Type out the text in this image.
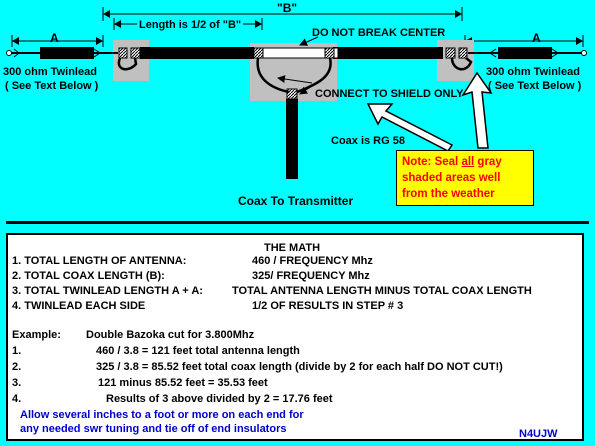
A	A
"B"
Length is 1/2 of "B"
DO NOT BREAK CENTER
300 ohm Twinlead
( See Text Below )
300 ohm Twinlead
( See Text Below )
CONNECT TO SHIELD ONLY
Coax is RG 58
Coax To Transmitter
Note: Seal all gray
shaded areas well
from the weather
THE MATH
1. TOTAL LENGTH OF ANTENNA:	460 / FREQUENCY Mhz
2. TOTAL COAX LENGTH (B):	325/ FREQUENCY Mhz
3. TOTAL TWINLEAD LENGTH A + A:	TOTAL ANTENNA LENGTH MINUS TOTAL COAX LENGTH
4. TWINLEAD EACH SIDE	1/2 OF RESULTS IN STEP # 3
Example: Double Bazoka cut for 3.800Mhz
1.	460 / 3.8 = 121 feet total antenna length
2.	325 / 3.8 = 85.52 feet total coax length (divide by 2 for each half DO NOT CUT!)
3.	121 minus 85.52 feet = 35.53 feet
4.	Results of 3 above divided by 2 = 17.76 feet
Allow several inches to a foot or more on each end for
any needed swr tuning and tie off of end insulators	N4UJW
